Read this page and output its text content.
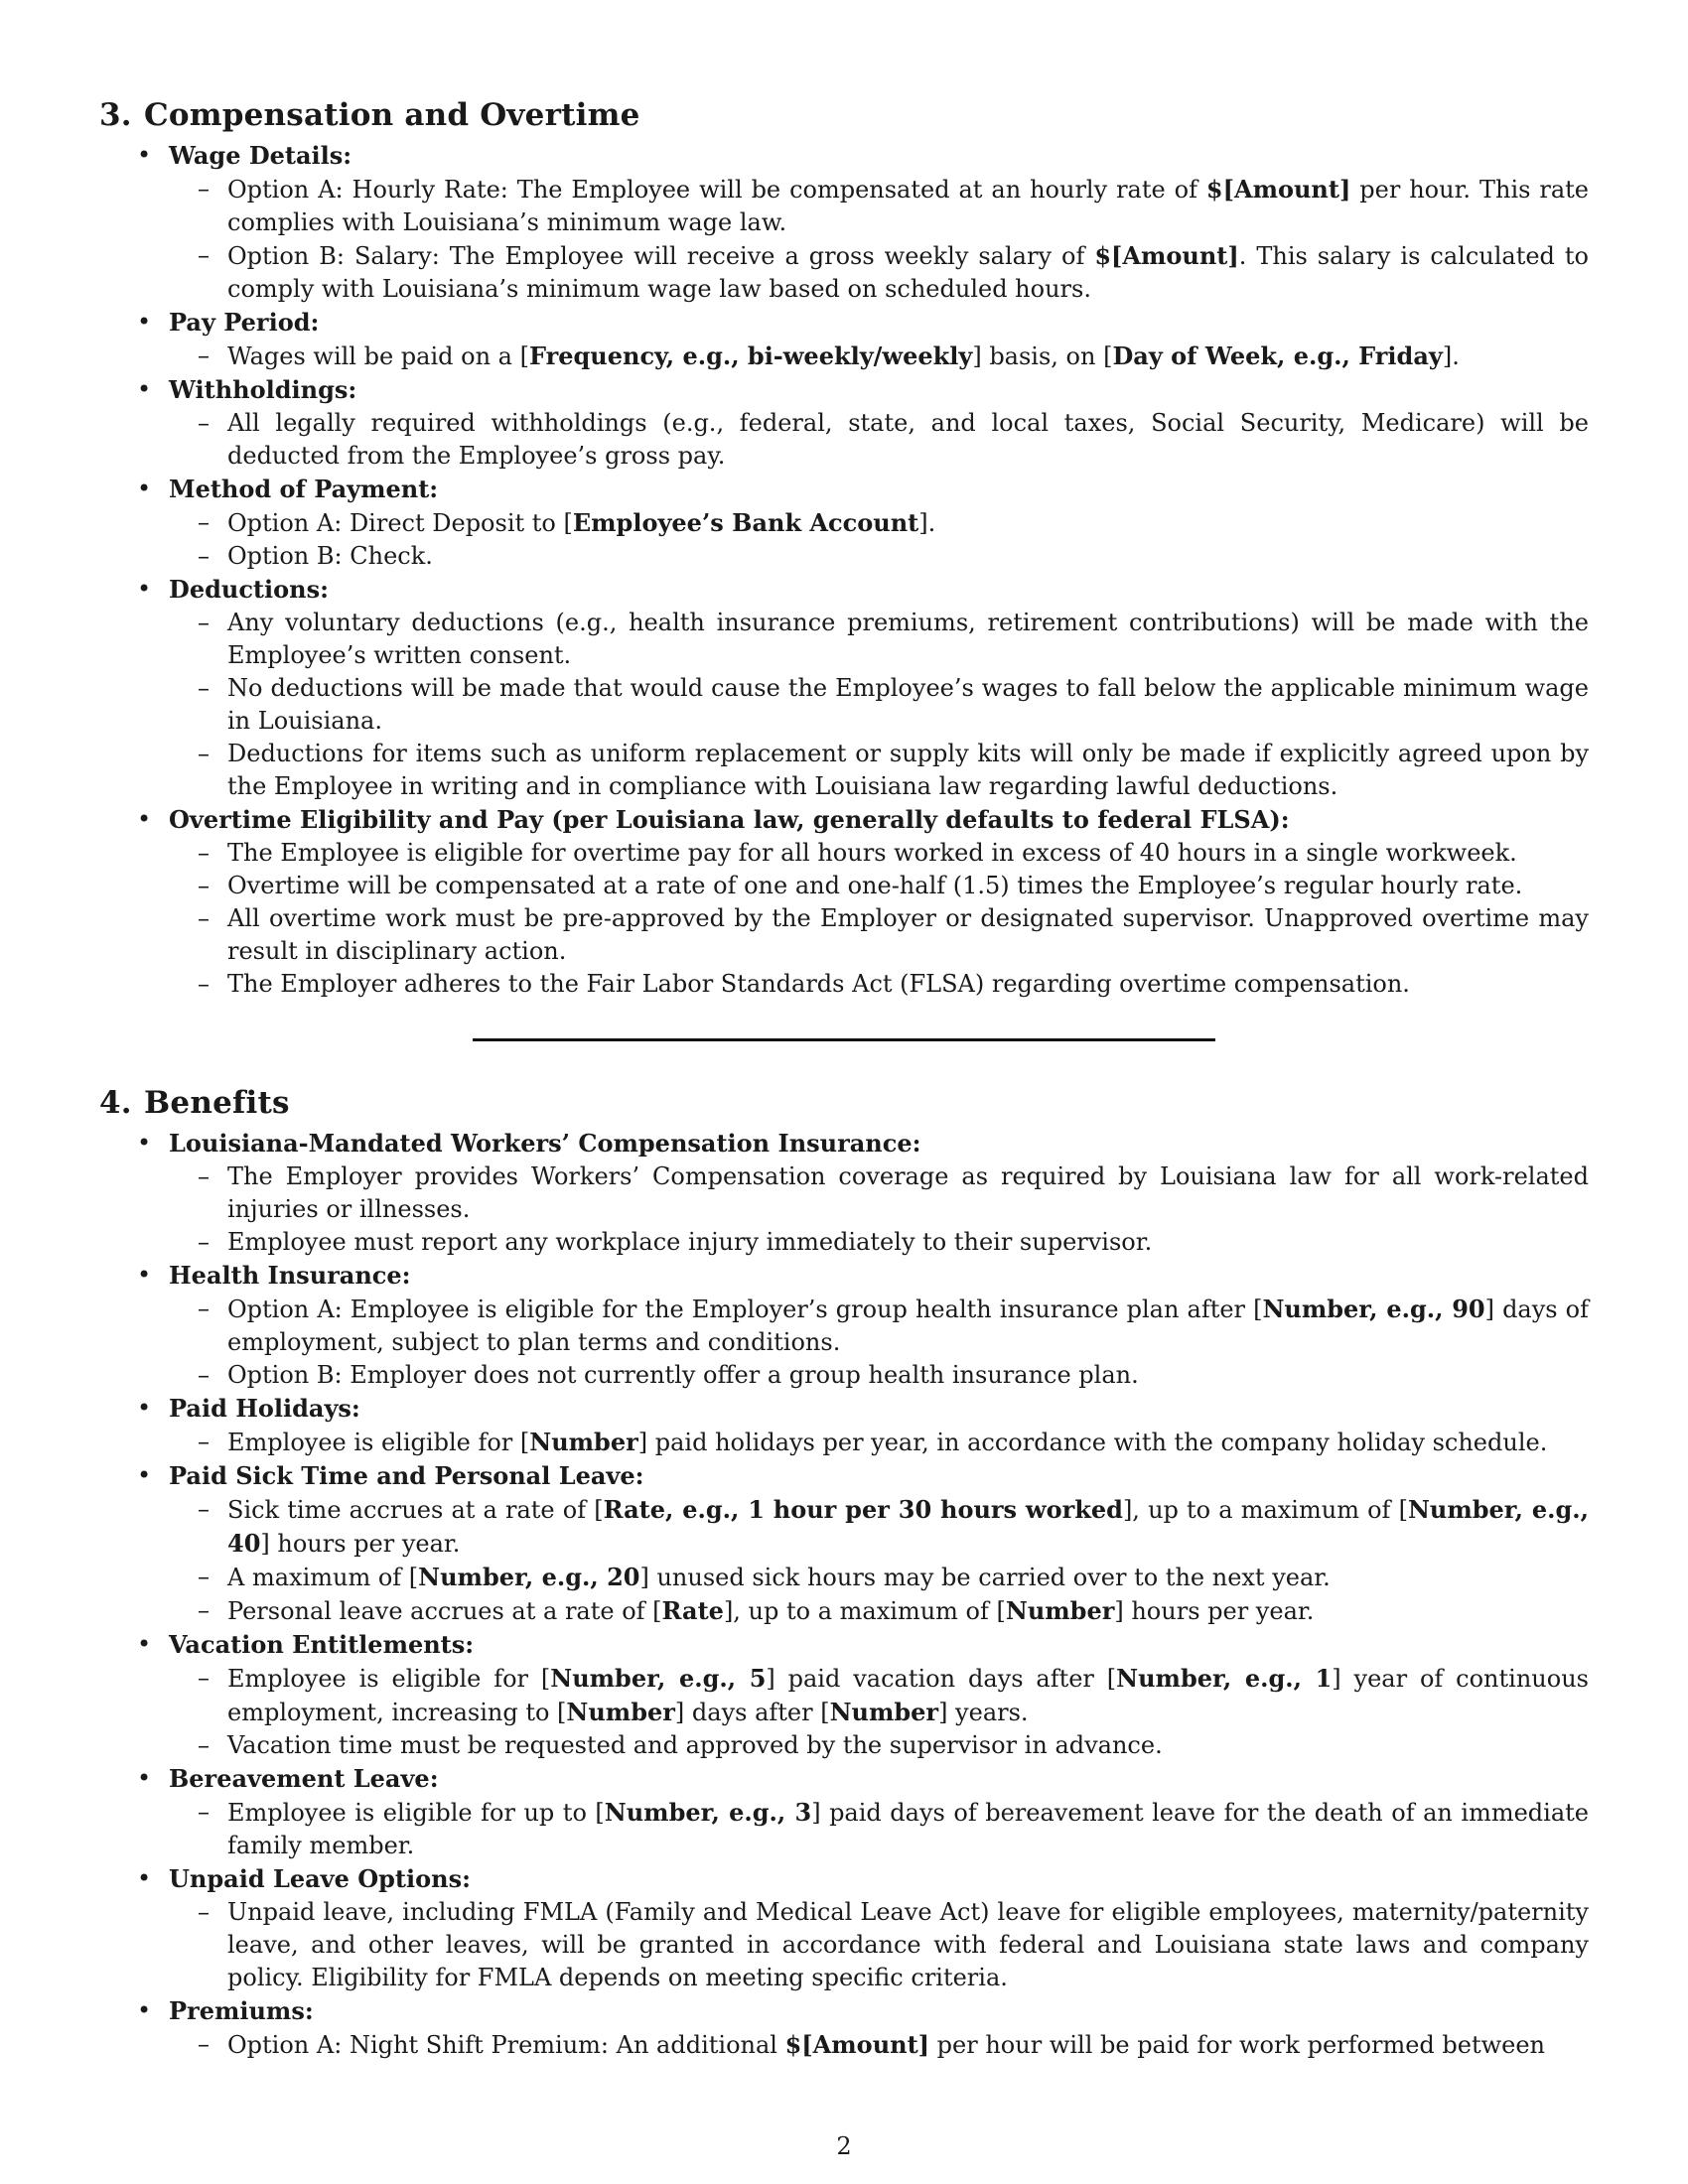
3. Compensation and Overtime
• Wage Details:
– Option A: Hourly Rate: The Employee will be compensated at an hourly rate of $[Amount] per hour. This rate complies with Louisiana’s minimum wage law.
– Option B: Salary: The Employee will receive a gross weekly salary of $[Amount]. This salary is calculated to comply with Louisiana’s minimum wage law based on scheduled hours.
• Pay Period:
– Wages will be paid on a [Frequency, e.g., bi-weekly/weekly] basis, on [Day of Week, e.g., Friday].
• Withholdings:
– All legally required withholdings (e.g., federal, state, and local taxes, Social Security, Medicare) will be deducted from the Employee’s gross pay.
• Method of Payment:
– Option A: Direct Deposit to [Employee’s Bank Account].
– Option B: Check.
• Deductions:
– Any voluntary deductions (e.g., health insurance premiums, retirement contributions) will be made with the Employee’s written consent.
– No deductions will be made that would cause the Employee’s wages to fall below the applicable minimum wage in Louisiana.
– Deductions for items such as uniform replacement or supply kits will only be made if explicitly agreed upon by the Employee in writing and in compliance with Louisiana law regarding lawful deductions.
• Overtime Eligibility and Pay (per Louisiana law, generally defaults to federal FLSA):
– The Employee is eligible for overtime pay for all hours worked in excess of 40 hours in a single workweek.
– Overtime will be compensated at a rate of one and one-half (1.5) times the Employee’s regular hourly rate.
– All overtime work must be pre-approved by the Employer or designated supervisor. Unapproved overtime may result in disciplinary action.
– The Employer adheres to the Fair Labor Standards Act (FLSA) regarding overtime compensation.
4. Benefits
• Louisiana-Mandated Workers’ Compensation Insurance:
– The Employer provides Workers’ Compensation coverage as required by Louisiana law for all work-related injuries or illnesses.
– Employee must report any workplace injury immediately to their supervisor.
• Health Insurance:
– Option A: Employee is eligible for the Employer’s group health insurance plan after [Number, e.g., 90] days of employment, subject to plan terms and conditions.
– Option B: Employer does not currently offer a group health insurance plan.
• Paid Holidays:
– Employee is eligible for [Number] paid holidays per year, in accordance with the company holiday schedule.
• Paid Sick Time and Personal Leave:
– Sick time accrues at a rate of [Rate, e.g., 1 hour per 30 hours worked], up to a maximum of [Number, e.g., 40] hours per year.
– A maximum of [Number, e.g., 20] unused sick hours may be carried over to the next year.
– Personal leave accrues at a rate of [Rate], up to a maximum of [Number] hours per year.
• Vacation Entitlements:
– Employee is eligible for [Number, e.g., 5] paid vacation days after [Number, e.g., 1] year of continuous employment, increasing to [Number] days after [Number] years.
– Vacation time must be requested and approved by the supervisor in advance.
• Bereavement Leave:
– Employee is eligible for up to [Number, e.g., 3] paid days of bereavement leave for the death of an immediate family member.
• Unpaid Leave Options:
– Unpaid leave, including FMLA (Family and Medical Leave Act) leave for eligible employees, maternity/paternity leave, and other leaves, will be granted in accordance with federal and Louisiana state laws and company policy. Eligibility for FMLA depends on meeting specific criteria.
• Premiums:
– Option A: Night Shift Premium: An additional $[Amount] per hour will be paid for work performed between
2
